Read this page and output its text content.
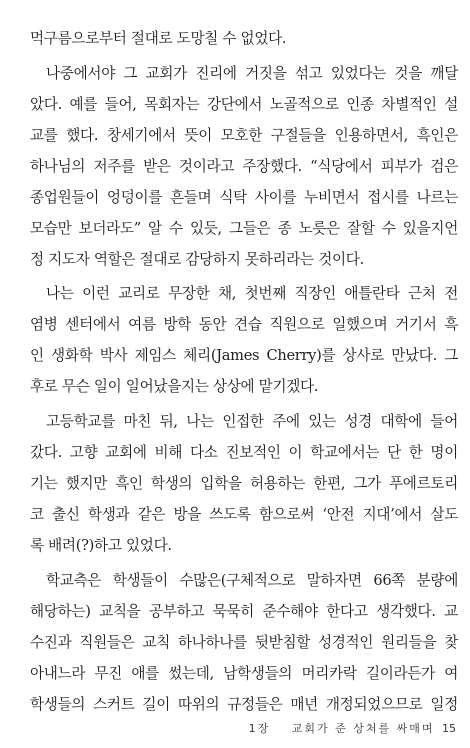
먹구름으로부터 절대로 도망칠 수 없었다.
나중에서야 그 교회가 진리에 거짓을 섞고 있었다는 것을 깨달
았다. 예를 들어, 목회자는 강단에서 노골적으로 인종 차별적인 설
교를 했다. 창세기에서 뜻이 모호한 구절들을 인용하면서, 흑인은
하나님의 저주를 받은 것이라고 주장했다. “식당에서 피부가 검은
종업원들이 엉덩이를 흔들며 식탁 사이를 누비면서 접시를 나르는
모습만 보더라도” 알 수 있듯, 그들은 종 노릇은 잘할 수 있을지언
정 지도자 역할은 절대로 감당하지 못하리라는 것이다.
나는 이런 교리로 무장한 채, 첫번째 직장인 애틀란타 근처 전
염병 센터에서 여름 방학 동안 견습 직원으로 일했으며 거기서 흑
인 생화학 박사 제임스 체리(James Cherry)를 상사로 만났다. 그
후로 무슨 일이 일어났을지는 상상에 맡기겠다.
고등학교를 마친 뒤, 나는 인접한 주에 있는 성경 대학에 들어
갔다. 고향 교회에 비해 다소 진보적인 이 학교에서는 단 한 명이
기는 했지만 흑인 학생의 입학을 허용하는 한편, 그가 푸에르토리
코 출신 학생과 같은 방을 쓰도록 함으로써 ‘안전 지대’에서 살도
록 배려(?)하고 있었다.
학교측은 학생들이 수많은(구체적으로 말하자면 66쪽 분량에
해당하는) 교칙을 공부하고 묵묵히 준수해야 한다고 생각했다. 교
수진과 직원들은 교칙 하나하나를 뒷받침할 성경적인 원리들을 찾
아내느라 무진 애를 썼는데, 남학생들의 머리카락 길이라든가 여
학생들의 스커트 길이 따위의 규정들은 매년 개정되었으므로 일정
1장 교회가 준 상처를 싸매며 15
